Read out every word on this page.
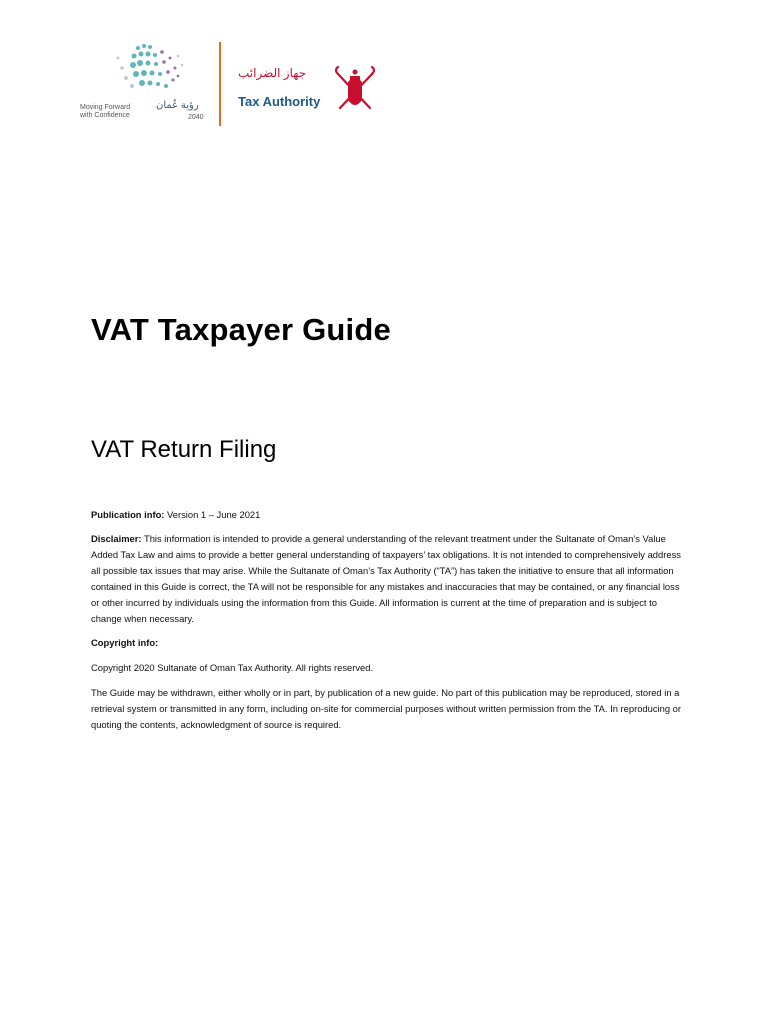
رؤية عُمان
2040
Moving Forward
with Confidence
جهاز الضرائب
Tax Authority
VAT Taxpayer Guide
VAT Return Filing

Publication info: Version 1 – June 2021

Disclaimer: This information is intended to provide a general understanding of the relevant treatment under the Sultanate of Oman’s Value Added Tax Law and aims to provide a better general understanding of taxpayers’ tax obligations. It is not intended to comprehensively address all possible tax issues that may arise. While the Sultanate of Oman’s Tax Authority (“TA”) has taken the initiative to ensure that all information contained in this Guide is correct, the TA will not be responsible for any mistakes and inaccuracies that may be contained, or any financial loss or other incurred by individuals using the information from this Guide. All information is current at the time of preparation and is subject to change when necessary.

Copyright info:

Copyright 2020 Sultanate of Oman Tax Authority. All rights reserved.

The Guide may be withdrawn, either wholly or in part, by publication of a new guide. No part of this publication may be reproduced, stored in a retrieval system or transmitted in any form, including on-site for commercial purposes without written permission from the TA. In reproducing or quoting the contents, acknowledgment of source is required.
